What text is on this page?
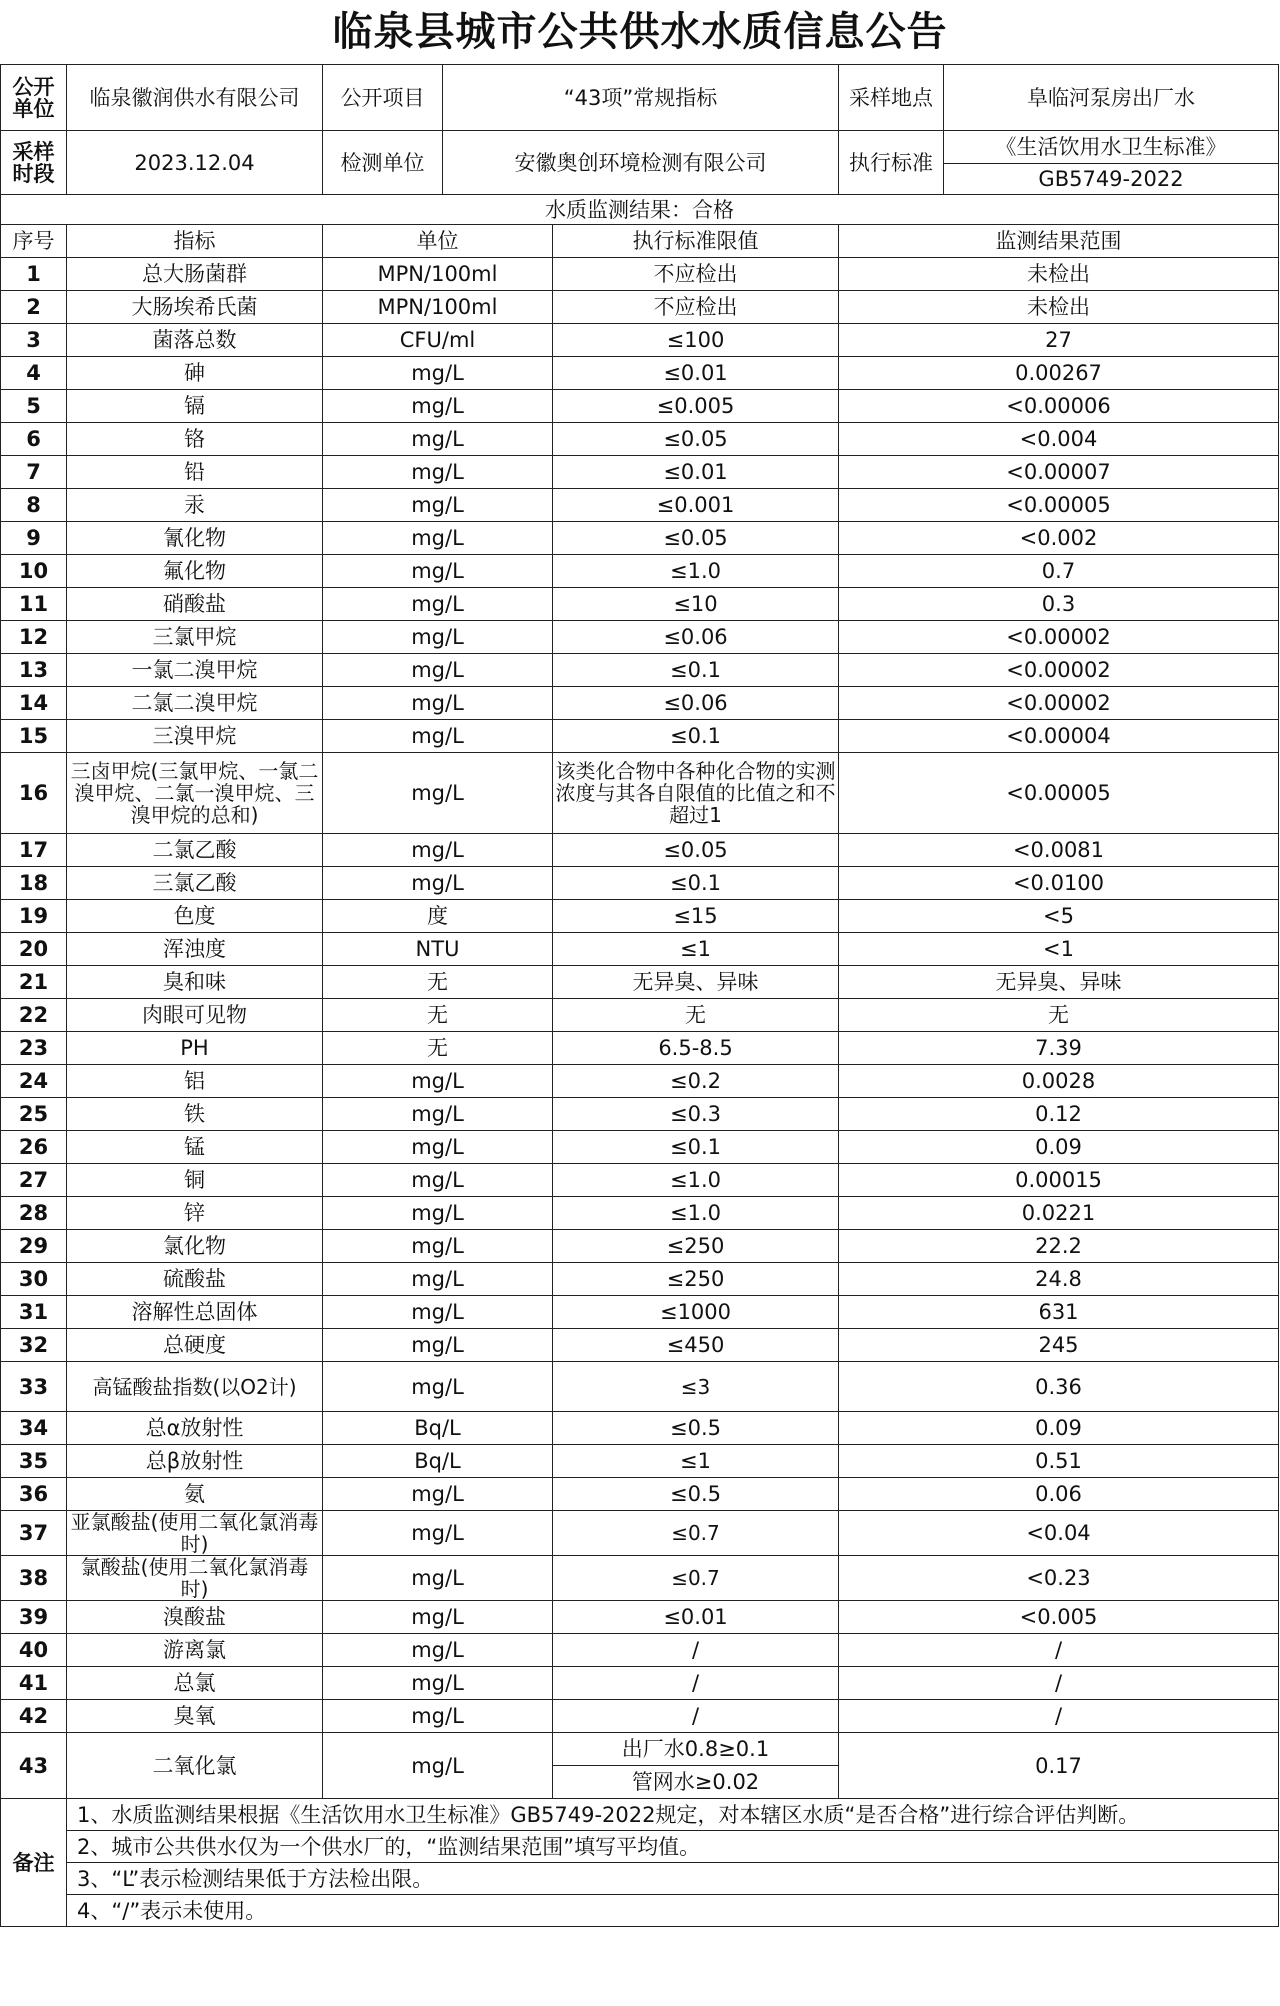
临泉县城市公共供水水质信息公告
公开单位	临泉徽润供水有限公司	公开项目	“43项”常规指标		采样地点	阜临河泵房出厂水
采样时段	2023.12.04	检测单位	安徽奥创环境检测有限公司		执行标准	《生活饮用水卫生标准》
						GB5749-2022
水质监测结果：合格						
序号	指标	单位		执行标准限值	监测结果范围	
1	总大肠菌群	MPN/100ml		不应检出	未检出	
2	大肠埃希氏菌	MPN/100ml		不应检出	未检出	
3	菌落总数	CFU/ml		≤100	27	
4	砷	mg/L		≤0.01	0.00267	
5	镉	mg/L		≤0.005	<0.00006	
6	铬	mg/L		≤0.05	<0.004	
7	铅	mg/L		≤0.01	<0.00007	
8	汞	mg/L		≤0.001	<0.00005	
9	氰化物	mg/L		≤0.05	<0.002	
10	氟化物	mg/L		≤1.0	0.7	
11	硝酸盐	mg/L		≤10	0.3	
12	三氯甲烷	mg/L		≤0.06	<0.00002	
13	一氯二溴甲烷	mg/L		≤0.1	<0.00002	
14	二氯二溴甲烷	mg/L		≤0.06	<0.00002	
15	三溴甲烷	mg/L		≤0.1	<0.00004	
16	三卤甲烷(三氯甲烷、一氯二溴甲烷、二氯一溴甲烷、三溴甲烷的总和)	mg/L		该类化合物中各种化合物的实测浓度与其各自限值的比值之和不超过1	<0.00005	
17	二氯乙酸	mg/L		≤0.05	<0.0081	
18	三氯乙酸	mg/L		≤0.1	<0.0100	
19	色度	度		≤15	<5	
20	浑浊度	NTU		≤1	<1	
21	臭和味	无		无异臭、异味	无异臭、异味	
22	肉眼可见物	无		无	无	
23	PH	无		6.5-8.5	7.39	
24	铝	mg/L		≤0.2	0.0028	
25	铁	mg/L		≤0.3	0.12	
26	锰	mg/L		≤0.1	0.09	
27	铜	mg/L		≤1.0	0.00015	
28	锌	mg/L		≤1.0	0.0221	
29	氯化物	mg/L		≤250	22.2	
30	硫酸盐	mg/L		≤250	24.8	
31	溶解性总固体	mg/L		≤1000	631	
32	总硬度	mg/L		≤450	245	
33	高锰酸盐指数(以O2计)	mg/L		≤3	0.36	
34	总α放射性	Bq/L		≤0.5	0.09	
35	总β放射性	Bq/L		≤1	0.51	
36	氨	mg/L		≤0.5	0.06	
37	亚氯酸盐(使用二氧化氯消毒时)	mg/L		≤0.7	<0.04	
38	氯酸盐(使用二氧化氯消毒时)	mg/L		≤0.7	<0.23	
39	溴酸盐	mg/L		≤0.01	<0.005	
40	游离氯	mg/L		/	/	
41	总氯	mg/L		/	/	
42	臭氧	mg/L		/	/	
43	二氧化氯	mg/L		出厂水0.8≥0.1	0.17	
				管网水≥0.02		
备注	1、水质监测结果根据《生活饮用水卫生标准》GB5749-2022规定，对本辖区水质“是否合格”进行综合评估判断。					
	2、城市公共供水仅为一个供水厂的，“监测结果范围”填写平均值。					
	3、“L”表示检测结果低于方法检出限。					
	4、“/”表示未使用。					
